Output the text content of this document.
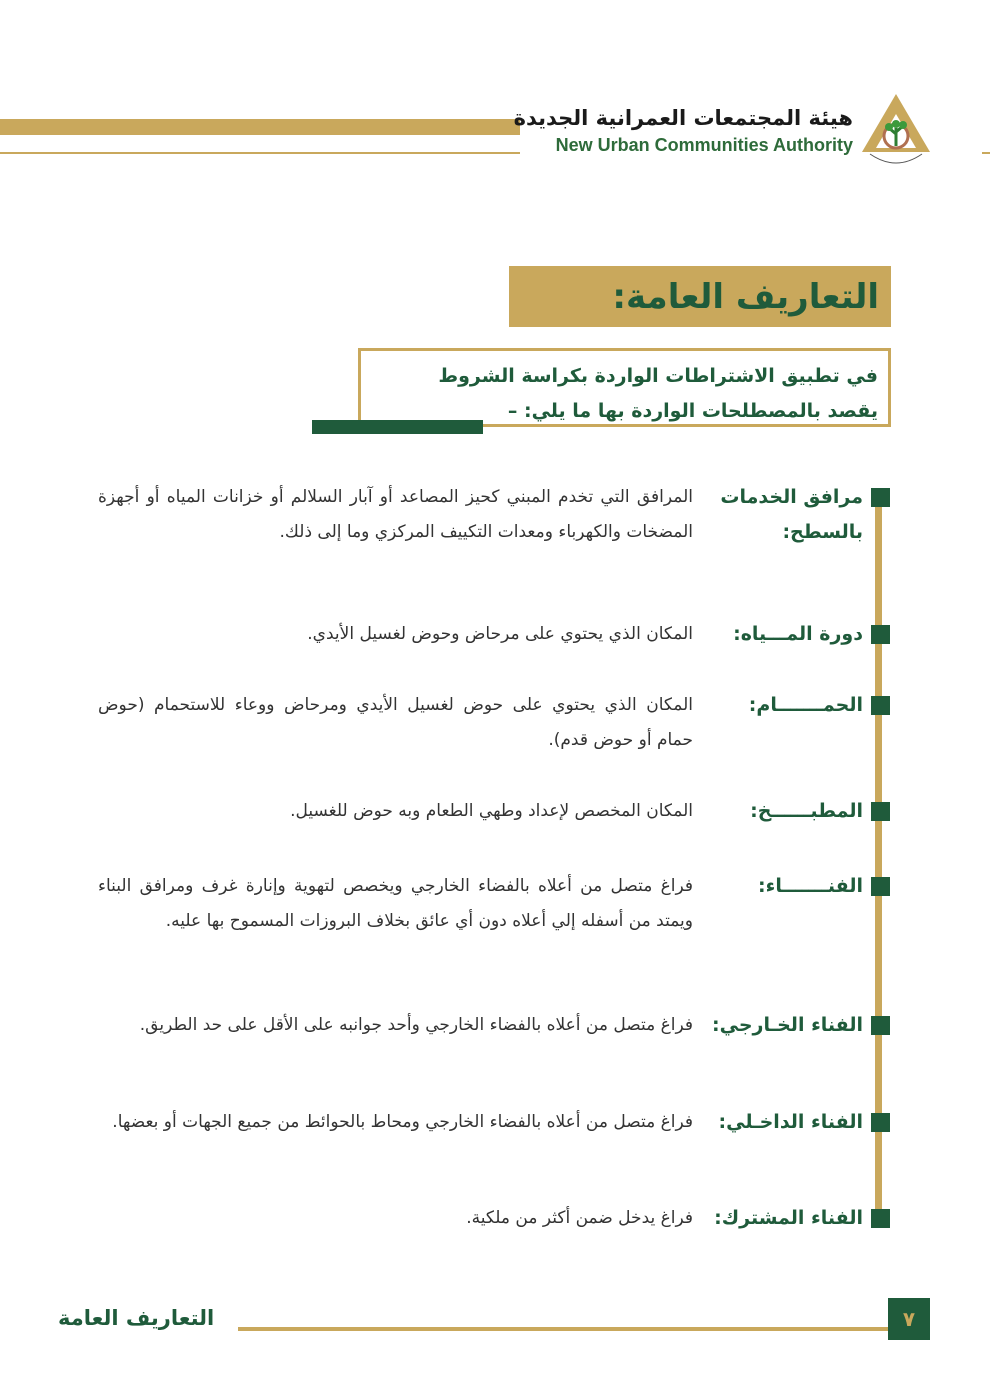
هيئة المجتمعات العمرانية الجديدة
New Urban Communities Authority
التعاريف العامة:
في تطبيق الاشتراطات الواردة بكراسة الشروط
يقصد بالمصطلحات الواردة بها ما يلي: –
مرافق الخدمات بالسطح:
المرافق التي تخدم المبني كحيز المصاعد أو آبار السلالم أو خزانات المياه أو أجهزة المضخات والكهرباء ومعدات التكييف المركزي وما إلى ذلك.
دورة المـــياه:
المكان الذي يحتوي على مرحاض وحوض لغسيل الأيدي.
الحمـــــــام:
المكان الذي يحتوي على حوض لغسيل الأيدي ومرحاض ووعاء للاستحمام (حوض حمام أو حوض قدم).
المطبــــــخ:
المكان المخصص لإعداد وطهي الطعام وبه حوض للغسيل.
الفنـــــــاء:
فراغ متصل من أعلاه بالفضاء الخارجي ويخصص لتهوية وإنارة غرف ومرافق البناء ويمتد من أسفله إلي أعلاه دون أي عائق بخلاف البروزات المسموح بها عليه.
الفناء الخـارجي:
فراغ متصل من أعلاه بالفضاء الخارجي وأحد جوانبه على الأقل على حد الطريق.
الفناء الداخـلي:
فراغ متصل من أعلاه بالفضاء الخارجي ومحاط بالحوائط من جميع الجهات أو بعضها.
الفناء المشترك:
فراغ يدخل ضمن أكثر من ملكية.
٧
التعاريف العامة
